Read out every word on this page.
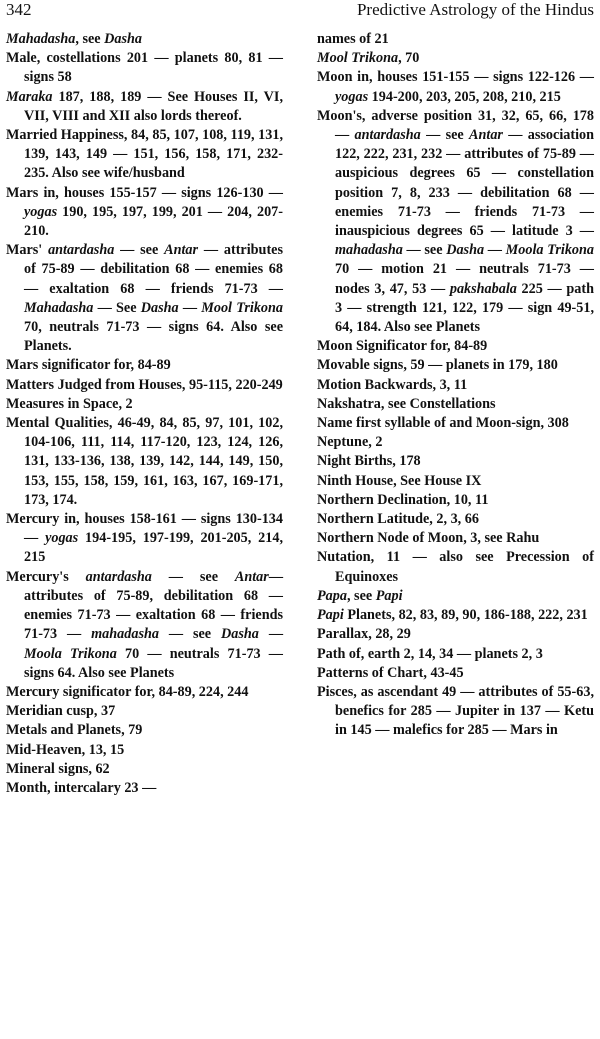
342	Predictive Astrology of the Hindus

Mahadasha, see Dasha

Male, costellations 201 — planets 80, 81 — signs 58

Maraka 187, 188, 189 — See Houses II, VI, VII, VIII and XII also lords thereof.

Married Happiness, 84, 85, 107, 108, 119, 131, 139, 143, 149 — 151, 156, 158, 171, 232-235. Also see wife/husband

Mars in, houses 155-157 — signs 126-130 — yogas 190, 195, 197, 199, 201 — 204, 207-210.

Mars' antardasha — see Antar — attributes of 75-89 — debilitation 68 — enemies 68 — exaltation 68 — friends 71-73 — Mahadasha — See Dasha — Mool Trikona 70, neutrals 71-73 — signs 64. Also see Planets.

Mars significator for, 84-89

Matters Judged from Houses, 95-115, 220-249

Measures in Space, 2

Mental Qualities, 46-49, 84, 85, 97, 101, 102, 104-106, 111, 114, 117-120, 123, 124, 126, 131, 133-136, 138, 139, 142, 144, 149, 150, 153, 155, 158, 159, 161, 163, 167, 169-171, 173, 174.

Mercury in, houses 158-161 — signs 130-134 — yogas 194-195, 197-199, 201-205, 214, 215

Mercury's antardasha — see Antar—attributes of 75-89, debilitation 68 — enemies 71-73 — exaltation 68 — friends 71-73 — mahadasha — see Dasha — Moola Trikona 70 — neutrals 71-73 — signs 64. Also see Planets

Mercury significator for, 84-89, 224, 244

Meridian cusp, 37

Metals and Planets, 79

Mid-Heaven, 13, 15

Mineral signs, 62

Month, intercalary 23 —

names of 21

Mool Trikona, 70

Moon in, houses 151-155 — signs 122-126 — yogas 194-200, 203, 205, 208, 210, 215

Moon's, adverse position 31, 32, 65, 66, 178 — antardasha — see Antar — association 122, 222, 231, 232 — attributes of 75-89 — auspicious degrees 65 — constellation position 7, 8, 233 — debilitation 68 — enemies 71-73 — friends 71-73 — inauspicious degrees 65 — latitude 3 — mahadasha — see Dasha — Moola Trikona 70 — motion 21 — neutrals 71-73 — nodes 3, 47, 53 — pakshabala 225 — path 3 — strength 121, 122, 179 — sign 49-51, 64, 184. Also see Planets

Moon Significator for, 84-89

Movable signs, 59 — planets in 179, 180

Motion Backwards, 3, 11

Nakshatra, see Constellations

Name first syllable of and Moon-sign, 308

Neptune, 2

Night Births, 178

Ninth House, See House IX

Northern Declination, 10, 11

Northern Latitude, 2, 3, 66

Northern Node of Moon, 3, see Rahu

Nutation, 11 — also see Precession of Equinoxes

Papa, see Papi

Papi Planets, 82, 83, 89, 90, 186-188, 222, 231

Parallax, 28, 29

Path of, earth 2, 14, 34 — planets 2, 3

Patterns of Chart, 43-45

Pisces, as ascendant 49 — attributes of 55-63, benefics for 285 — Jupiter in 137 — Ketu in 145 — malefics for 285 — Mars in
